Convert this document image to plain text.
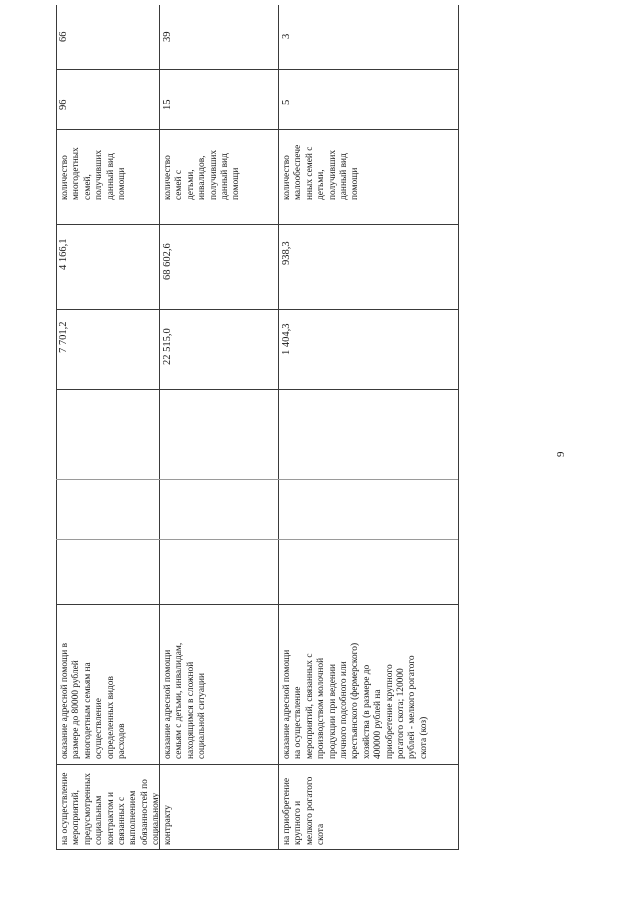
на осуществление мероприятий, предусмотренных социальным контрактом и связанных с выполнением обязанностей по социальному контракту
оказание адресной помощи в размере до 80000 рублей многодетным семьям на осуществление определенных видов расходов
7 701,2
4 166,1
количество многодетных семей, получивших данный вид помощи
96
66
оказание адресной помощи семьям с детьми, инвалидам, находящимся в сложной социальной ситуации
22 515,0
68 602,6
количество семей с детьми, инвалидов, получивших данный вид помощи
15
39
на приобретение крупного и мелкого рогатого скота
оказание адресной помощи на осуществление мероприятий, связанных с производством молочной продукции при ведении личного подсобного или крестьянского (фермерского) хозяйства (в размере до 400000 рублей на приобретение крупного рогатого скота; 120000 рублей - мелкого рогатого скота (коз)
1 404,3
938,3
количество малообеспече нных семей с детьми, получивших данный вид помощи
5
3
9
